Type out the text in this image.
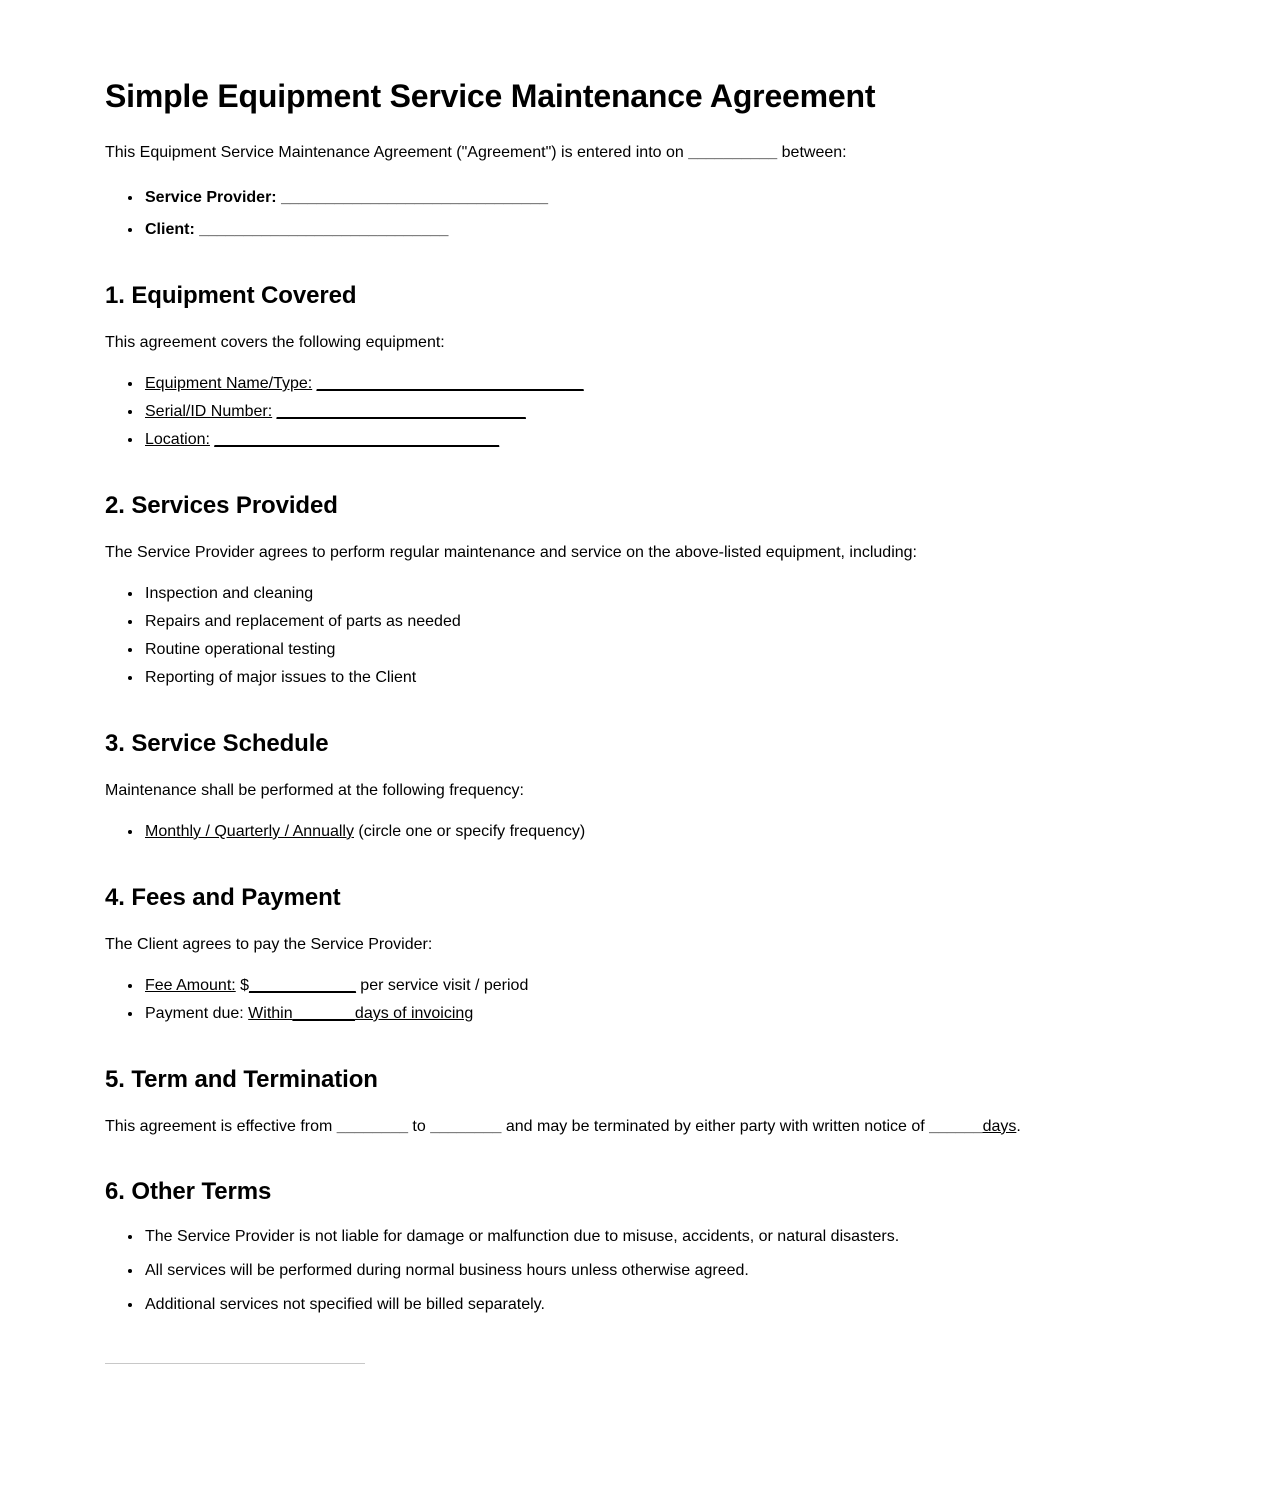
Simple Equipment Service Maintenance Agreement

This Equipment Service Maintenance Agreement ("Agreement") is entered into on __________ between:

• Service Provider: ______________________________
• Client: ____________________________
1. Equipment Covered

This agreement covers the following equipment:

• Equipment Name/Type: ______________________________
• Serial/ID Number: ____________________________
• Location: ________________________________
2. Services Provided

The Service Provider agrees to perform regular maintenance and service on the above-listed equipment, including:

• Inspection and cleaning
• Repairs and replacement of parts as needed
• Routine operational testing
• Reporting of major issues to the Client
3. Service Schedule

Maintenance shall be performed at the following frequency:

• Monthly / Quarterly / Annually (circle one or specify frequency)
4. Fees and Payment

The Client agrees to pay the Service Provider:

• Fee Amount: $____________ per service visit / period
• Payment due: Within_______days of invoicing
5. Term and Termination

This agreement is effective from ________ to ________ and may be terminated by either party with written notice of ______days.

6. Other Terms
• The Service Provider is not liable for damage or malfunction due to misuse, accidents, or natural disasters.
• All services will be performed during normal business hours unless otherwise agreed.
• Additional services not specified will be billed separately.
